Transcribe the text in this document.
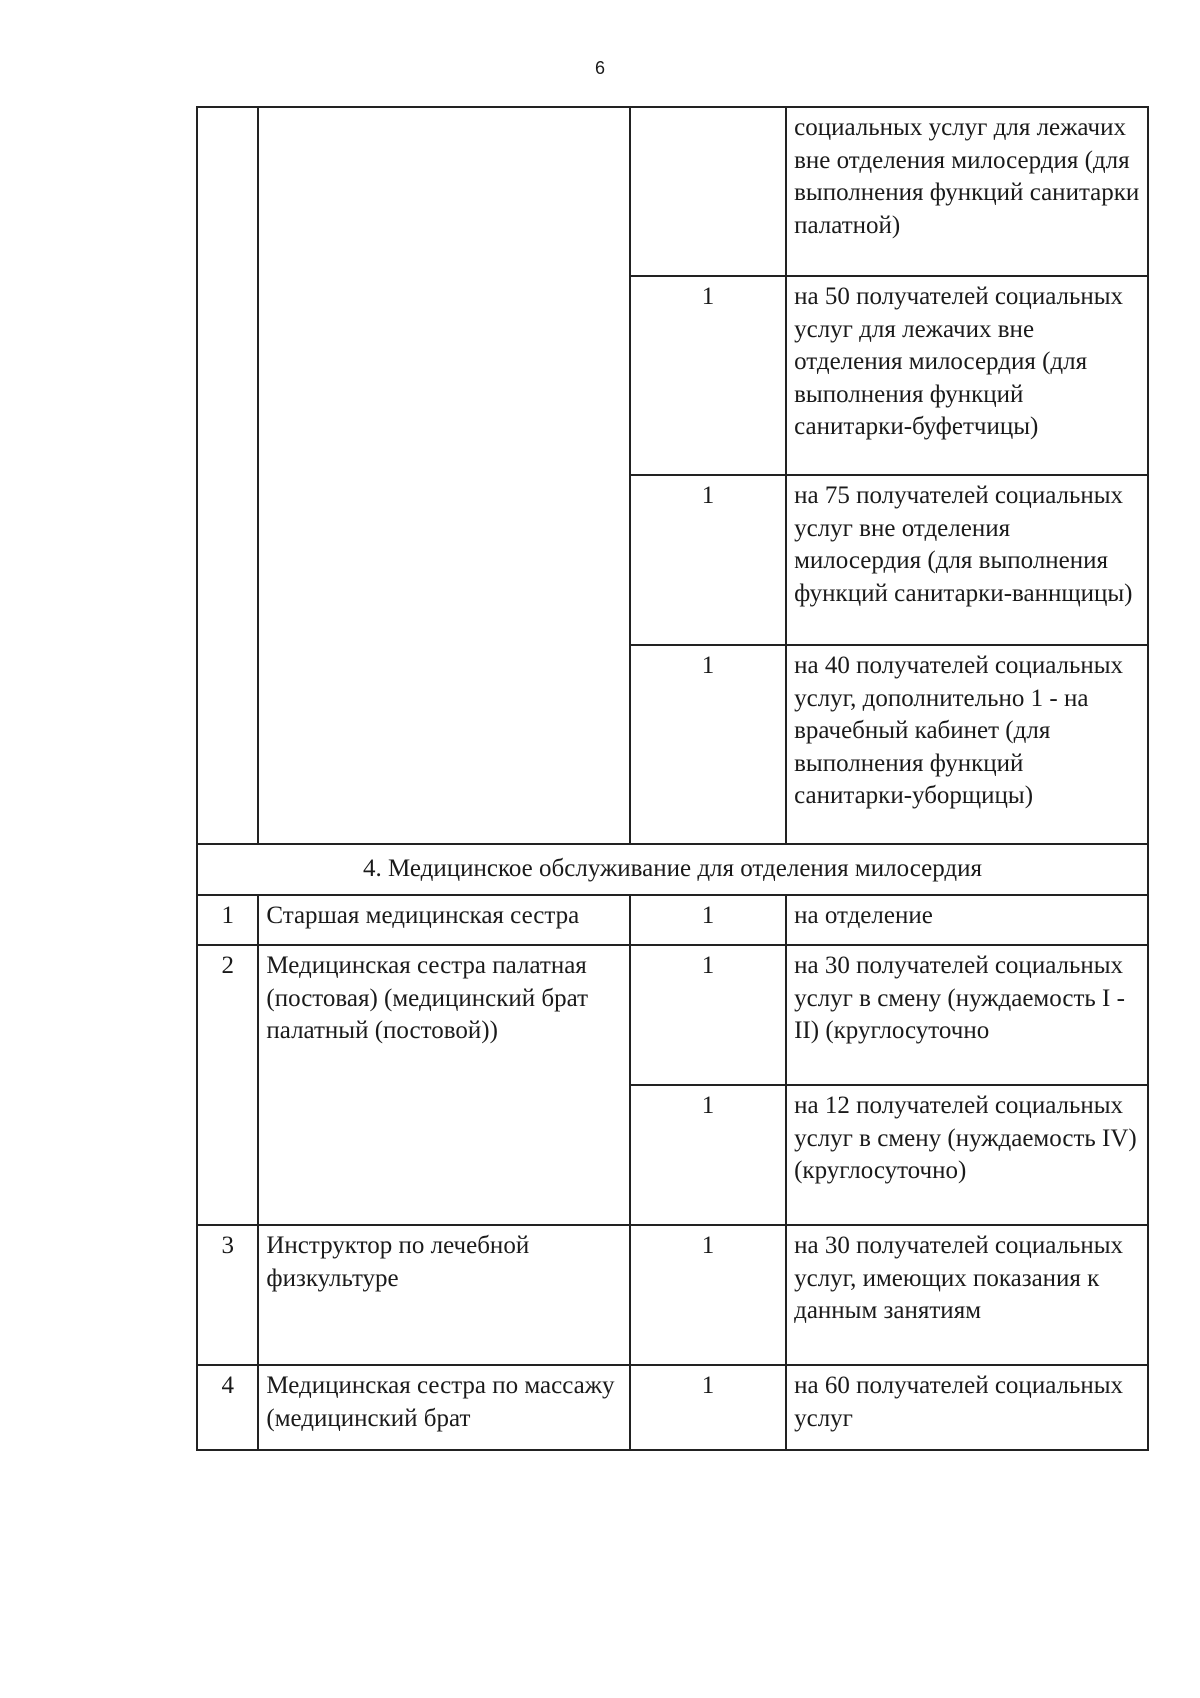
6
			социальных услуг для лежачих вне отделения милосердия (для выполнения функций санитарки палатной)
		1	на 50 получателей социальных услуг для лежачих вне отделения милосердия (для выполнения функций санитарки-буфетчицы)
		1	на 75 получателей социальных услуг вне отделения милосердия (для выполнения функций санитарки-ваннщицы)
		1	на 40 получателей социальных услуг, дополнительно 1 - на врачебный кабинет (для выполнения функций санитарки-уборщицы)
4. Медицинское обслуживание для отделения милосердия			
1	Старшая медицинская сестра	1	на отделение
2	Медицинская сестра палатная (постовая) (медицинский брат палатный (постовой))	1	на 30 получателей социальных услуг в смену (нуждаемость I - II) (круглосуточно
		1	на 12 получателей социальных услуг в смену (нуждаемость IV) (круглосуточно)
3	Инструктор по лечебной физкультуре	1	на 30 получателей социальных услуг, имеющих показания к данным занятиям
4	Медицинская сестра по массажу (медицинский брат	1	на 60 получателей социальных услуг
